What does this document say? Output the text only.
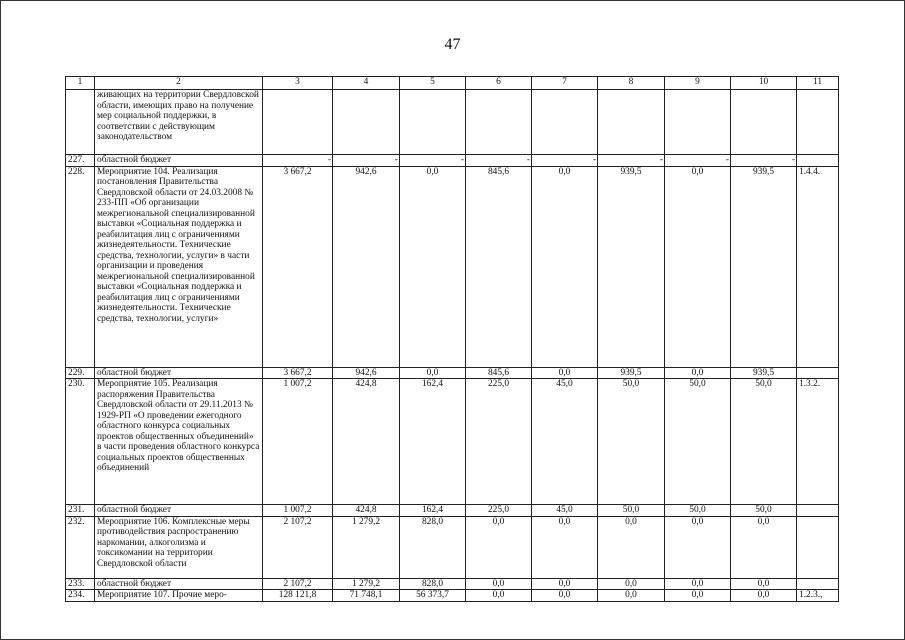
47
1	2	3	4	5	6	7	8	9	10	11
	живающих на территории Свердловской области, имеющих право на получение мер социальной поддержки, в соответствии с действующим законодательством									
227.	областной бюджет	-	-	-	-	-	-	-	-	
228.	Мероприятие 104. Реализация постановления Правительства Свердловской области от 24.03.2008 № 233-ПП «Об организации межрегиональной специализированной выставки «Социальная поддержка и реабилитация лиц с ограничениями жизнедеятельности. Технические средства, технологии, услуги» в части организации и проведения межрегиональной специализированной выставки «Социальная поддержка и реабилитация лиц с ограничениями жизнедеятельности. Технические средства, технологии, услуги»	3 667,2	942,6	0,0	845,6	0,0	939,5	0,0	939,5	1.4.4.
229.	областной бюджет	3 667,2	942,6	0,0	845,6	0,0	939,5	0,0	939,5	
230.	Мероприятие 105. Реализация распоряжения Правительства Свердловской области от 29.11.2013 № 1929-РП «О проведении ежегодного областного конкурса социальных проектов общественных объединений» в части проведения областного конкурса социальных проектов общественных объединений	1 007,2	424,8	162,4	225,0	45,0	50,0	50,0	50,0	1.3.2.
231.	областной бюджет	1 007,2	424,8	162,4	225,0	45,0	50,0	50,0	50,0	
232.	Мероприятие 106. Комплексные меры противодействия распространению наркомании, алкоголизма и токсикомании на территории Свердловской области	2 107,2	1 279,2	828,0	0,0	0,0	0,0	0,0	0,0	
233.	областной бюджет	2 107,2	1 279,2	828,0	0,0	0,0	0,0	0,0	0,0	
234.	Мероприятие 107. Прочие меро-	128 121,8	71 748,1	56 373,7	0,0	0,0	0,0	0,0	0,0	1.2.3.,
